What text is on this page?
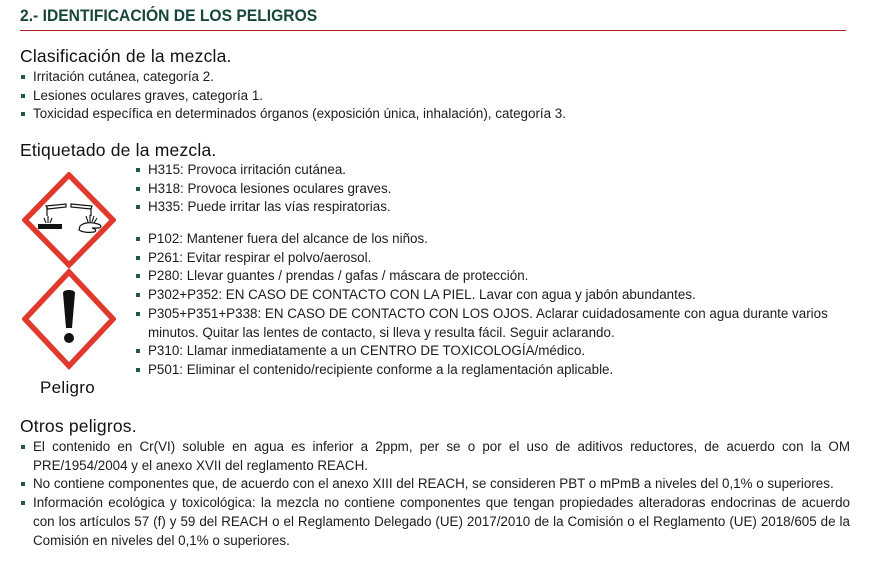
2.- IDENTIFICACIÓN DE LOS PELIGROS
Clasificación de la mezcla.
Irritación cutánea, categoría 2.
Lesiones oculares graves, categoría 1.
Toxicidad específica en determinados órganos (exposición única, inhalación), categoría 3.
Etiquetado de la mezcla.
Peligro
H315: Provoca irritación cutánea.
H318: Provoca lesiones oculares graves.
H335: Puede irritar las vías respiratorias.
P102: Mantener fuera del alcance de los niños.
P261: Evitar respirar el polvo/aerosol.
P280: Llevar guantes / prendas / gafas / máscara de protección.
P302+P352: EN CASO DE CONTACTO CON LA PIEL. Lavar con agua y jabón abundantes.
P305+P351+P338: EN CASO DE CONTACTO CON LOS OJOS. Aclarar cuidadosamente con agua durante varios minutos. Quitar las lentes de contacto, si lleva y resulta fácil. Seguir aclarando.
P310: Llamar inmediatamente a un CENTRO DE TOXICOLOGÍA/médico.
P501: Eliminar el contenido/recipiente conforme a la reglamentación aplicable.
Otros peligros.
El contenido en Cr(VI) soluble en agua es inferior a 2ppm, per se o por el uso de aditivos reductores, de acuerdo con la OM PRE/1954/2004 y el anexo XVII del reglamento REACH.
No contiene componentes que, de acuerdo con el anexo XIII del REACH, se consideren PBT o mPmB a niveles del 0,1% o superiores.
Información ecológica y toxicológica: la mezcla no contiene componentes que tengan propiedades alteradoras endocrinas de acuerdo con los artículos 57 (f) y 59 del REACH o el Reglamento Delegado (UE) 2017/2010 de la Comisión o el Reglamento (UE) 2018/605 de la Comisión en niveles del 0,1% o superiores.
